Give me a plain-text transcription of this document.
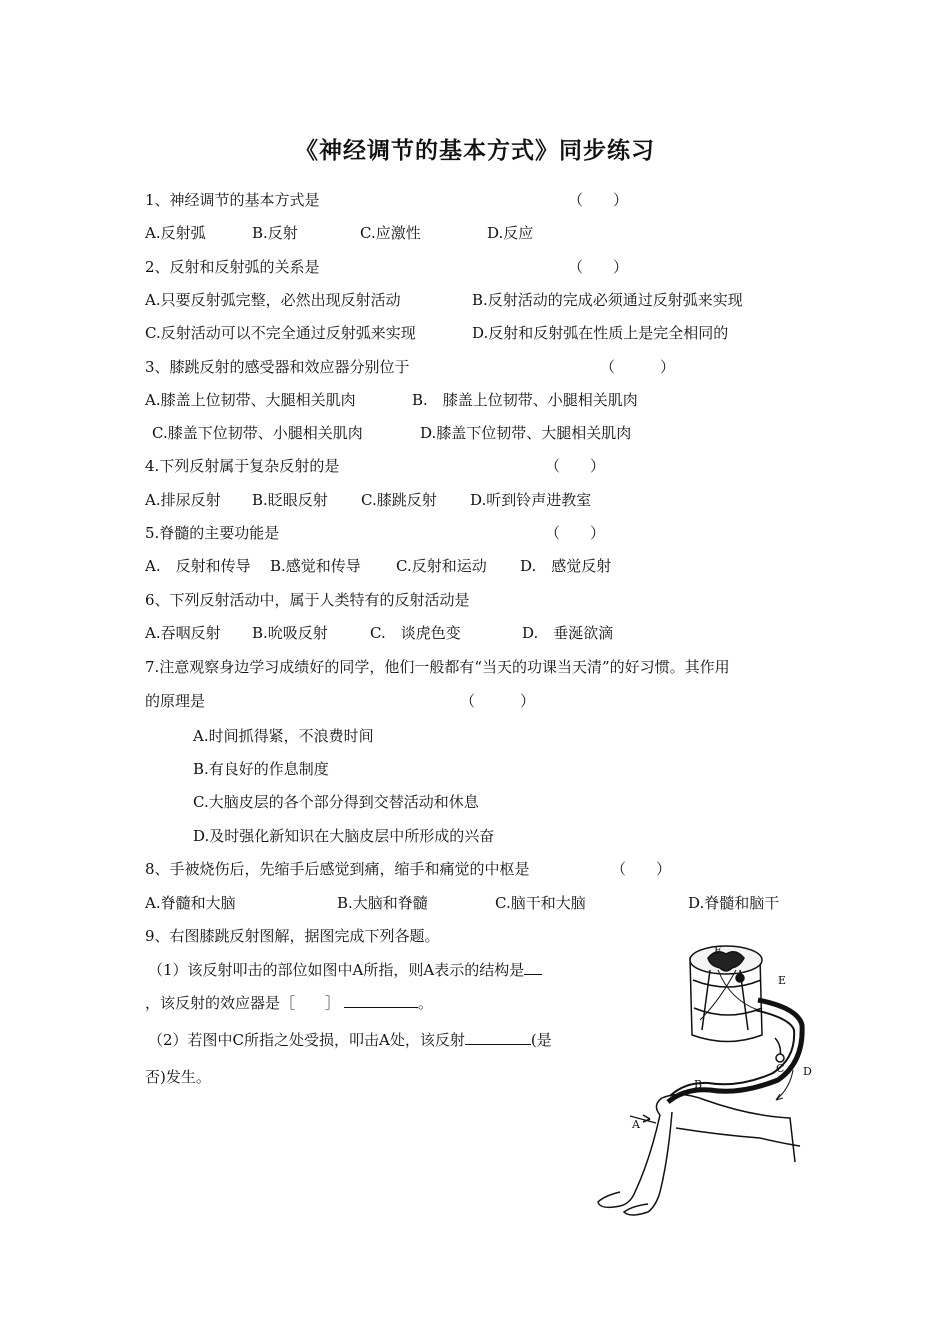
《神经调节的基本方式》同步练习
1、神经调节的基本方式是	（　　）
A.反射弧	B.反射	C.应激性	D.反应
2、反射和反射弧的关系是	（　　）
A.只要反射弧完整，必然出现反射活动	B.反射活动的完成必须通过反射弧来实现
C.反射活动可以不完全通过反射弧来实现	D.反射和反射弧在性质上是完全相同的
3、膝跳反射的感受器和效应器分别位于	（　　　）
A.膝盖上位韧带、大腿相关肌肉	B.　膝盖上位韧带、小腿相关肌肉
C.膝盖下位韧带、小腿相关肌肉	D.膝盖下位韧带、大腿相关肌肉
4.下列反射属于复杂反射的是	（　　）
A.排尿反射 B.眨眼反射 C.膝跳反射 D.听到铃声进教室
5.脊髓的主要功能是	（　　）
A.　反射和传导 B.感觉和传导 C.反射和运动 D.　感觉反射
6、下列反射活动中，属于人类特有的反射活动是
A.吞咽反射 B.吮吸反射	C.　谈虎色变	D.　垂涎欲滴
7.注意观察身边学习成绩好的同学，他们一般都有“当天的功课当天清”的好习惯。其作用
的原理是	（　　　）
A.时间抓得紧，不浪费时间
B.有良好的作息制度
C.大脑皮层的各个部分得到交替活动和休息
D.及时强化新知识在大脑皮层中所形成的兴奋
8、手被烧伤后，先缩手后感觉到痛，缩手和痛觉的中枢是	（　　）
A.脊髓和大脑	B.大脑和脊髓	C.脑干和大脑	D.脊髓和脑干
9、右图膝跳反射图解，据图完成下列各题。
（1）该反射叩击的部位如图中A所指，则A表示的结构是
，该反射的效应器是［　　］	。
（2）若图中C所指之处受损，叩击A处，该反射	(是
否)发生。
F
E
C D
B
A
